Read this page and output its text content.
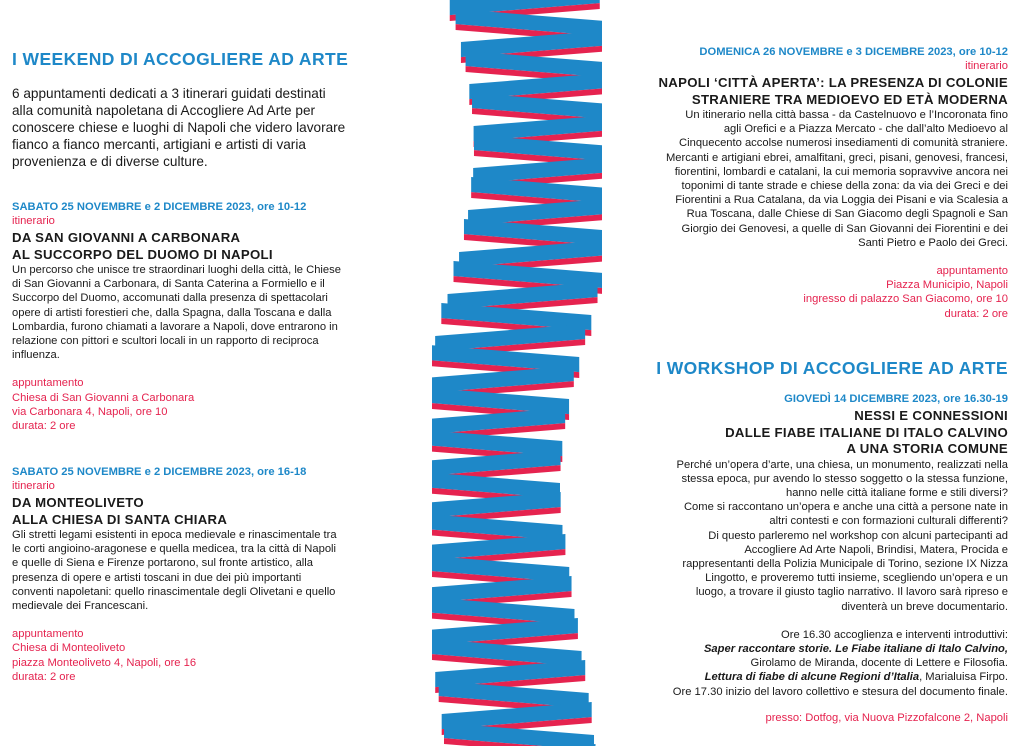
I WEEKEND DI ACCOGLIERE AD ARTE
6 appuntamenti dedicati a 3 itinerari guidati destinati
alla comunità napoletana di Accogliere Ad Arte per
conoscere chiese e luoghi di Napoli che videro lavorare
fianco a fianco mercanti, artigiani e artisti di varia
provenienza e di diverse culture.
SABATO 25 NOVEMBRE e 2 DICEMBRE 2023, ore 10-12
itinerario
DA SAN GIOVANNI A CARBONARA
AL SUCCORPO DEL DUOMO DI NAPOLI
Un percorso che unisce tre straordinari luoghi della città, le Chiese
di San Giovanni a Carbonara, di Santa Caterina a Formiello e il
Succorpo del Duomo, accomunati dalla presenza di spettacolari
opere di artisti forestieri che, dalla Spagna, dalla Toscana e dalla
Lombardia, furono chiamati a lavorare a Napoli, dove entrarono in
relazione con pittori e scultori locali in un rapporto di reciproca
influenza.
appuntamento
Chiesa di San Giovanni a Carbonara
via Carbonara 4, Napoli, ore 10
durata: 2 ore
SABATO 25 NOVEMBRE e 2 DICEMBRE 2023, ore 16-18
itinerario
DA MONTEOLIVETO
ALLA CHIESA DI SANTA CHIARA
Gli stretti legami esistenti in epoca medievale e rinascimentale tra
le corti angioino-aragonese e quella medicea, tra la città di Napoli
e quelle di Siena e Firenze portarono, sul fronte artistico, alla
presenza di opere e artisti toscani in due dei più importanti
conventi napoletani: quello rinascimentale degli Olivetani e quello
medievale dei Francescani.
appuntamento
Chiesa di Monteoliveto
piazza Monteoliveto 4, Napoli, ore 16
durata: 2 ore
DOMENICA 26 NOVEMBRE e 3 DICEMBRE 2023, ore 10-12
itinerario
NAPOLI ‘CITTÀ APERTA’: LA PRESENZA DI COLONIE
STRANIERE TRA MEDIOEVO ED ETÀ MODERNA
Un itinerario nella città bassa - da Castelnuovo e l’Incoronata fino
agli Orefici e a Piazza Mercato - che dall’alto Medioevo al
Cinquecento accolse numerosi insediamenti di comunità straniere.
Mercanti e artigiani ebrei, amalfitani, greci, pisani, genovesi, francesi,
fiorentini, lombardi e catalani, la cui memoria sopravvive ancora nei
toponimi di tante strade e chiese della zona: da via dei Greci e dei
Fiorentini a Rua Catalana, da via Loggia dei Pisani e via Scalesia a
Rua Toscana, dalle Chiese di San Giacomo degli Spagnoli e San
Giorgio dei Genovesi, a quelle di San Giovanni dei Fiorentini e dei
Santi Pietro e Paolo dei Greci.
appuntamento
Piazza Municipio, Napoli
ingresso di palazzo San Giacomo, ore 10
durata: 2 ore
I WORKSHOP DI ACCOGLIERE AD ARTE
GIOVEDÌ 14 DICEMBRE 2023, ore 16.30-19
NESSI E CONNESSIONI
DALLE FIABE ITALIANE DI ITALO CALVINO
A UNA STORIA COMUNE
Perché un’opera d’arte, una chiesa, un monumento, realizzati nella
stessa epoca, pur avendo lo stesso soggetto o la stessa funzione,
hanno nelle città italiane forme e stili diversi?
Come si raccontano un’opera e anche una città a persone nate in
altri contesti e con formazioni culturali differenti?
Di questo parleremo nel workshop con alcuni partecipanti ad
Accogliere Ad Arte Napoli, Brindisi, Matera, Procida e
rappresentanti della Polizia Municipale di Torino, sezione IX Nizza
Lingotto, e proveremo tutti insieme, scegliendo un’opera e un
luogo, a trovare il giusto taglio narrativo. Il lavoro sarà ripreso e
diventerà un breve documentario.
Ore 16.30 accoglienza e interventi introduttivi:
Saper raccontare storie. Le Fiabe italiane di Italo Calvino,
Girolamo de Miranda, docente di Lettere e Filosofia.
Lettura di fiabe di alcune Regioni d’Italia, Marialuisa Firpo.
Ore 17.30 inizio del lavoro collettivo e stesura del documento finale.
presso: Dotfog, via Nuova Pizzofalcone 2, Napoli
